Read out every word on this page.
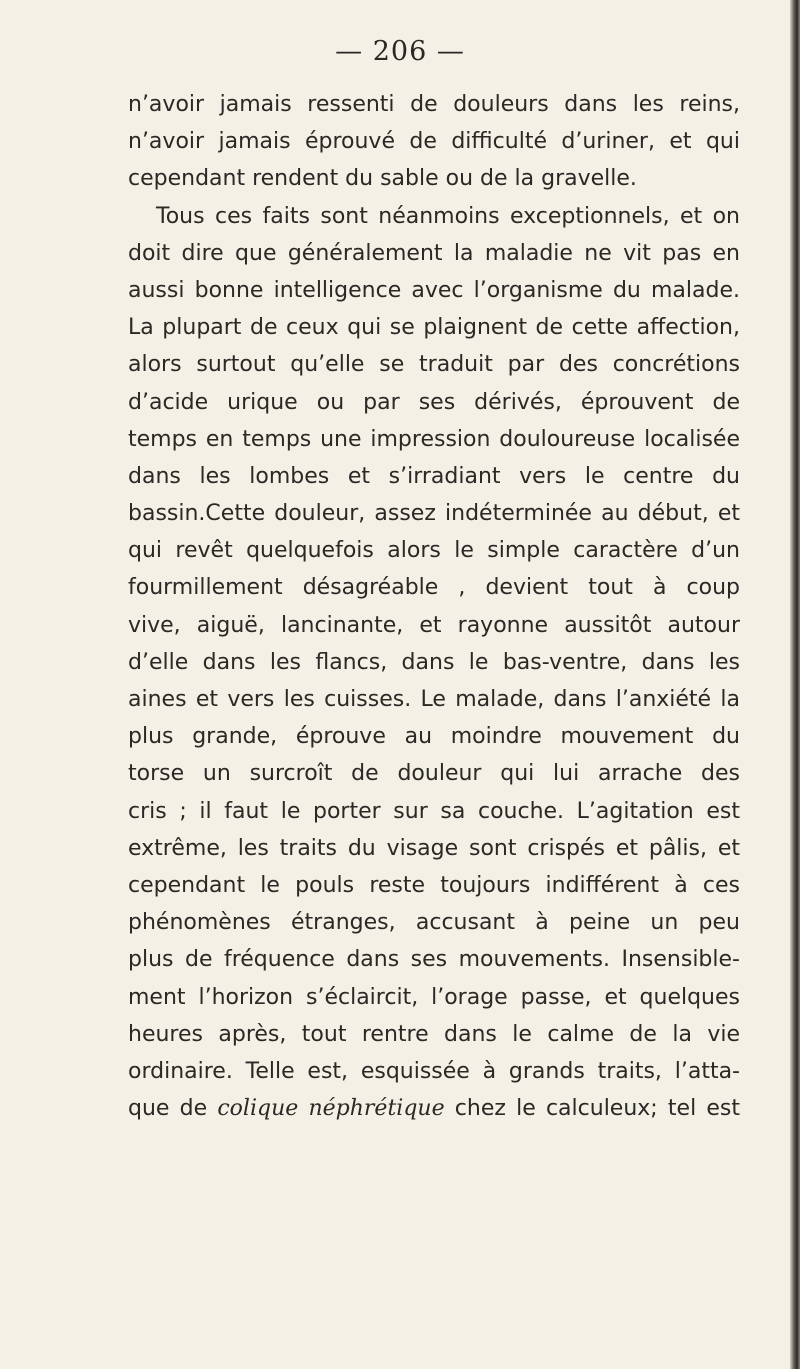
— 206 —
n’avoir jamais ressenti de douleurs dans les reins,
n’avoir jamais éprouvé de difficulté d’uriner, et qui
cependant rendent du sable ou de la gravelle.
Tous ces faits sont néanmoins exceptionnels, et on
doit dire que généralement la maladie ne vit pas en
aussi bonne intelligence avec l’organisme du malade.
La plupart de ceux qui se plaignent de cette affection,
alors surtout qu’elle se traduit par des concrétions
d’acide urique ou par ses dérivés, éprouvent de
temps en temps une impression douloureuse localisée
dans les lombes et s’irradiant vers le centre du
bassin.Cette douleur, assez indéterminée au début, et
qui revêt quelquefois alors le simple caractère d’un
fourmillement désagréable , devient tout à coup
vive, aiguë, lancinante, et rayonne aussitôt autour
d’elle dans les flancs, dans le bas-ventre, dans les
aines et vers les cuisses. Le malade, dans l’anxiété la
plus grande, éprouve au moindre mouvement du
torse un surcroît de douleur qui lui arrache des
cris ; il faut le porter sur sa couche. L’agitation est
extrême, les traits du visage sont crispés et pâlis, et
cependant le pouls reste toujours indifférent à ces
phénomènes étranges, accusant à peine un peu
plus de fréquence dans ses mouvements. Insensible-
ment l’horizon s’éclaircit, l’orage passe, et quelques
heures après, tout rentre dans le calme de la vie
ordinaire. Telle est, esquissée à grands traits, l’atta-
que de colique néphrétique chez le calculeux; tel est
